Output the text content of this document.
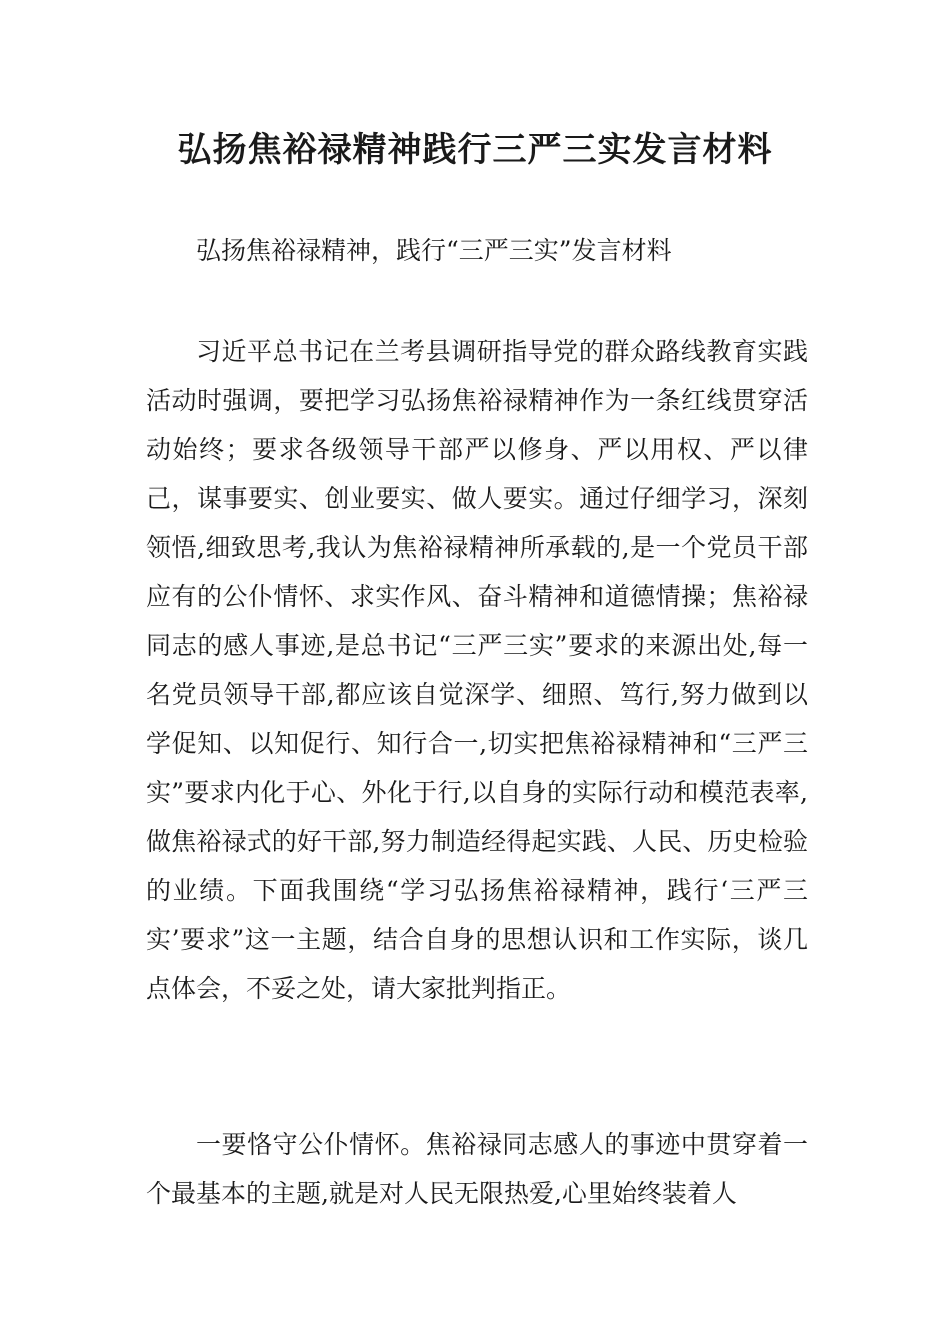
弘扬焦裕禄精神践行三严三实发言材料

弘扬焦裕禄精神，践行“三严三实”发言材料

习近平总书记在兰考县调研指导党的群众路线教育实践活动时强调，要把学习弘扬焦裕禄精神作为一条红线贯穿活动始终；要求各级领导干部严以修身、严以用权、严以律己，谋事要实、创业要实、做人要实。通过仔细学习，深刻领悟,细致思考,我认为焦裕禄精神所承载的,是一个党员干部应有的公仆情怀、求实作风、奋斗精神和道德情操；焦裕禄同志的感人事迹,是总书记“三严三实”要求的来源出处,每一名党员领导干部,都应该自觉深学、细照、笃行,努力做到以学促知、以知促行、知行合一,切实把焦裕禄精神和“三严三实”要求内化于心、外化于行,以自身的实际行动和模范表率,做焦裕禄式的好干部,努力制造经得起实践、人民、历史检验的业绩。下面我围绕“学习弘扬焦裕禄精神，践行‘三严三实’要求”这一主题，结合自身的思想认识和工作实际，谈几点体会，不妥之处，请大家批判指正。

一要恪守公仆情怀。焦裕禄同志感人的事迹中贯穿着一个最基本的主题,就是对人民无限热爱,心里始终装着人
